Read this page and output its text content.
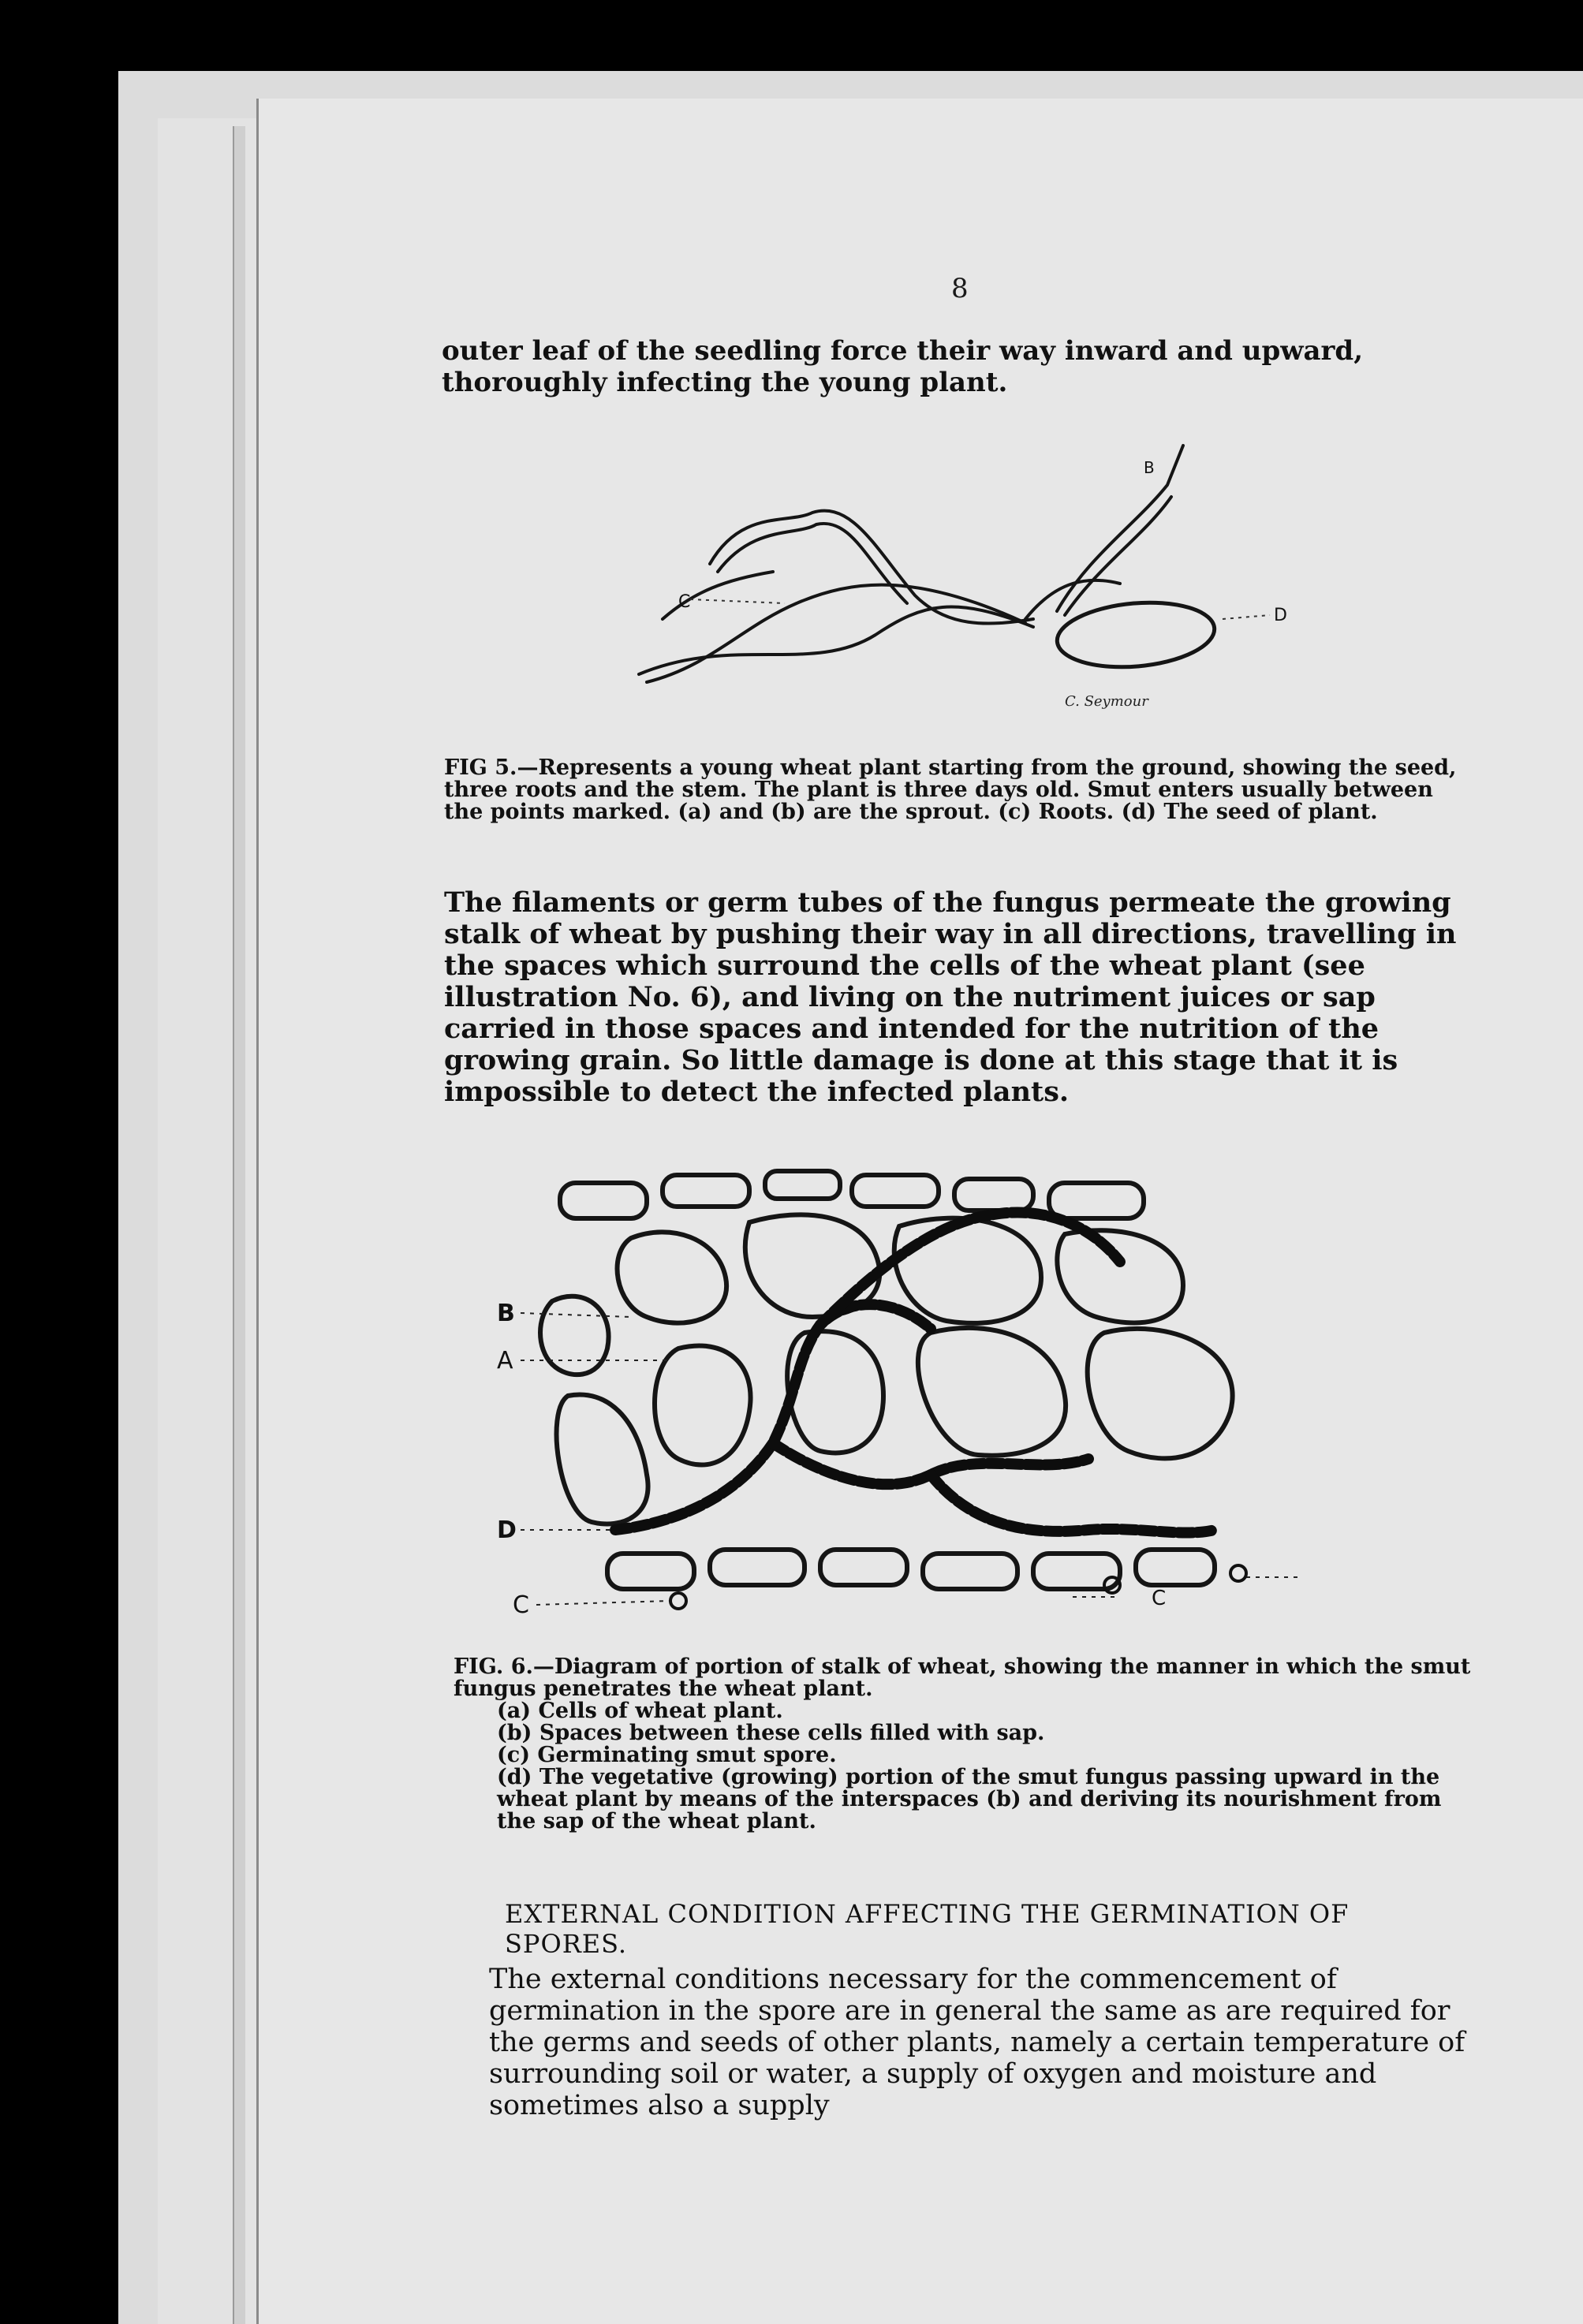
8
outer leaf of the seedling force their way inward and upward, thoroughly infecting the young plant.
C
D
B
C. Seymour
FIG 5.—Represents a young wheat plant starting from the ground, showing the seed, three roots and the stem. The plant is three days old. Smut enters usually between the points marked. (a) and (b) are the sprout. (c) Roots. (d) The seed of plant.
The filaments or germ tubes of the fungus permeate the growing stalk of wheat by pushing their way in all directions, travelling in the spaces which surround the cells of the wheat plant (see illustration No. 6), and living on the nutriment juices or sap carried in those spaces and intended for the nutrition of the growing grain. So little damage is done at this stage that it is impossible to detect the infected plants.
B
A
D
C	C
FIG. 6.—Diagram of portion of stalk of wheat, showing the manner in which the smut fungus penetrates the wheat plant.
(a) Cells of wheat plant.
(b) Spaces between these cells filled with sap.
(c) Germinating smut spore.
(d) The vegetative (growing) portion of the smut fungus passing upward in the wheat plant by means of the interspaces (b) and deriving its nourishment from the sap of the wheat plant.
EXTERNAL CONDITION AFFECTING THE GERMINATION OF SPORES.
The external conditions necessary for the commencement of germination in the spore are in general the same as are required for the germs and seeds of other plants, namely a certain temperature of surrounding soil or water, a supply of oxygen and moisture and sometimes also a supply
